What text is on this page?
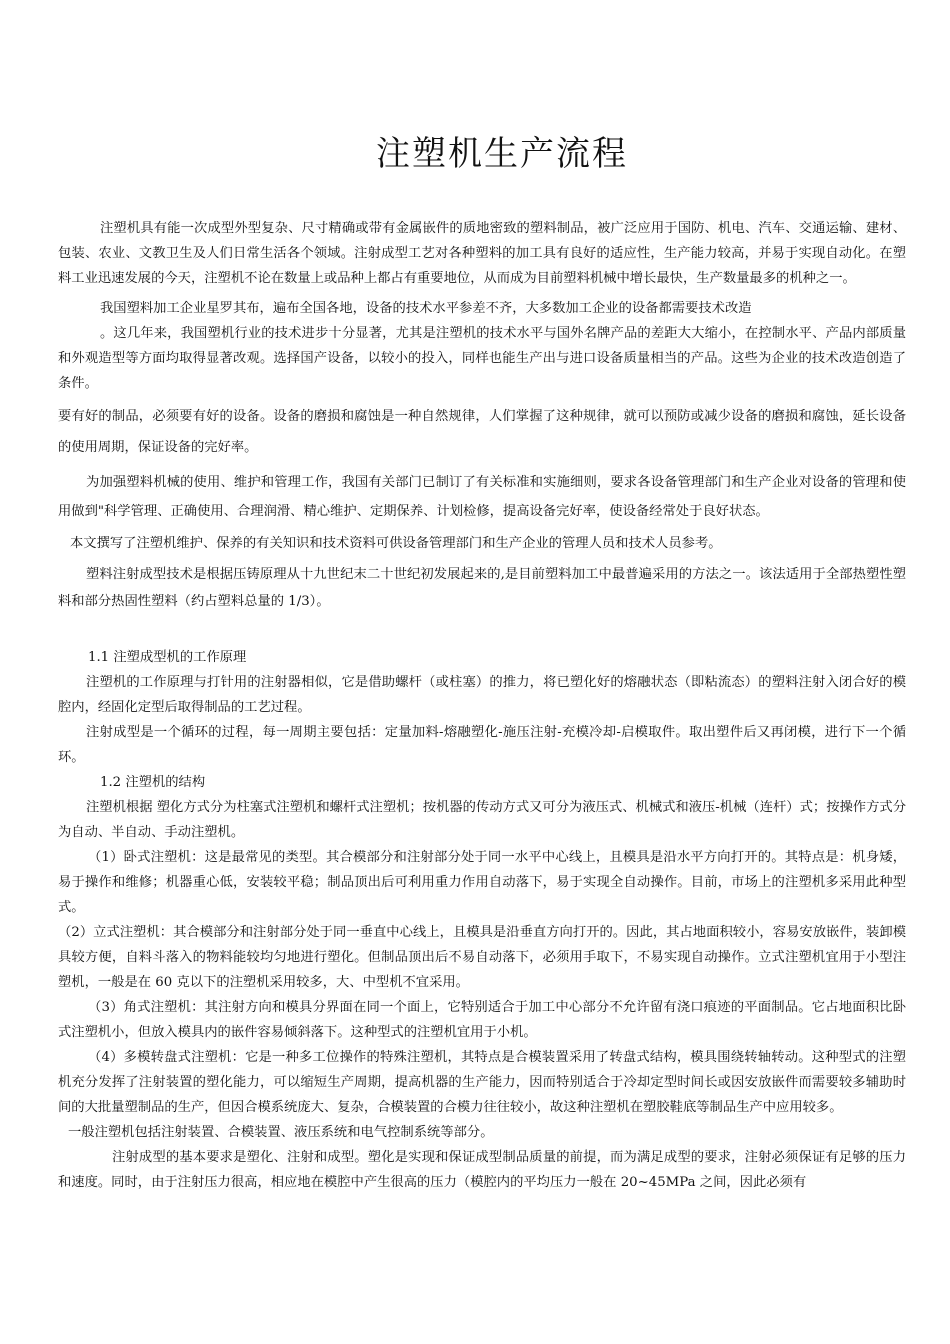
注塑机生产流程

注塑机具有能一次成型外型复杂、尺寸精确或带有金属嵌件的质地密致的塑料制品，被广泛应用于国防、机电、汽车、交通运输、建材、包装、农业、文教卫生及人们日常生活各个领域。注射成型工艺对各种塑料的加工具有良好的适应性，生产能力较高，并易于实现自动化。在塑料工业迅速发展的今天，注塑机不论在数量上或品种上都占有重要地位，从而成为目前塑料机械中增长最快，生产数量最多的机种之一。

我国塑料加工企业星罗其布，遍布全国各地，设备的技术水平参差不齐，大多数加工企业的设备都需要技术改造

。这几年来，我国塑机行业的技术进步十分显著，尤其是注塑机的技术水平与国外名牌产品的差距大大缩小，在控制水平、产品内部质量和外观造型等方面均取得显著改观。选择国产设备，以较小的投入，同样也能生产出与进口设备质量相当的产品。这些为企业的技术改造创造了条件。

要有好的制品，必须要有好的设备。设备的磨损和腐蚀是一种自然规律，人们掌握了这种规律，就可以预防或减少设备的磨损和腐蚀，延长设备的使用周期，保证设备的完好率。

为加强塑料机械的使用、维护和管理工作，我国有关部门已制订了有关标准和实施细则，要求各设备管理部门和生产企业对设备的管理和使用做到"科学管理、正确使用、合理润滑、精心维护、定期保养、计划检修，提高设备完好率，使设备经常处于良好状态。

本文撰写了注塑机维护、保养的有关知识和技术资料可供设备管理部门和生产企业的管理人员和技术人员参考。

塑料注射成型技术是根据压铸原理从十九世纪末二十世纪初发展起来的,是目前塑料加工中最普遍采用的方法之一。该法适用于全部热塑性塑料和部分热固性塑料（约占塑料总量的 1/3）。

1.1 注塑成型机的工作原理

注塑机的工作原理与打针用的注射器相似，它是借助螺杆（或柱塞）的推力，将已塑化好的熔融状态（即粘流态）的塑料注射入闭合好的模腔内，经固化定型后取得制品的工艺过程。

注射成型是一个循环的过程，每一周期主要包括：定量加料-熔融塑化-施压注射-充模冷却-启模取件。取出塑件后又再闭模，进行下一个循环。

1.2 注塑机的结构

注塑机根据 塑化方式分为柱塞式注塑机和螺杆式注塑机；按机器的传动方式又可分为液压式、机械式和液压-机械（连杆）式；按操作方式分为自动、半自动、手动注塑机。

（1）卧式注塑机：这是最常见的类型。其合模部分和注射部分处于同一水平中心线上，且模具是沿水平方向打开的。其特点是：机身矮，易于操作和维修；机器重心低，安装较平稳；制品顶出后可利用重力作用自动落下，易于实现全自动操作。目前，市场上的注塑机多采用此种型式。

（2）立式注塑机：其合模部分和注射部分处于同一垂直中心线上，且模具是沿垂直方向打开的。因此，其占地面积较小，容易安放嵌件，装卸模具较方便，自料斗落入的物料能较均匀地进行塑化。但制品顶出后不易自动落下，必须用手取下，不易实现自动操作。立式注塑机宜用于小型注塑机，一般是在 60 克以下的注塑机采用较多，大、中型机不宜采用。

（3）角式注塑机：其注射方向和模具分界面在同一个面上，它特别适合于加工中心部分不允许留有浇口痕迹的平面制品。它占地面积比卧式注塑机小，但放入模具内的嵌件容易倾斜落下。这种型式的注塑机宜用于小机。

（4）多模转盘式注塑机：它是一种多工位操作的特殊注塑机，其特点是合模装置采用了转盘式结构，模具围绕转轴转动。这种型式的注塑机充分发挥了注射装置的塑化能力，可以缩短生产周期，提高机器的生产能力，因而特别适合于冷却定型时间长或因安放嵌件而需要较多辅助时间的大批量塑制品的生产，但因合模系统庞大、复杂，合模装置的合模力往往较小，故这种注塑机在塑胶鞋底等制品生产中应用较多。

一般注塑机包括注射装置、合模装置、液压系统和电气控制系统等部分。

注射成型的基本要求是塑化、注射和成型。塑化是实现和保证成型制品质量的前提，而为满足成型的要求，注射必须保证有足够的压力和速度。同时，由于注射压力很高，相应地在模腔中产生很高的压力（模腔内的平均压力一般在 20~45MPa 之间，因此必须有
